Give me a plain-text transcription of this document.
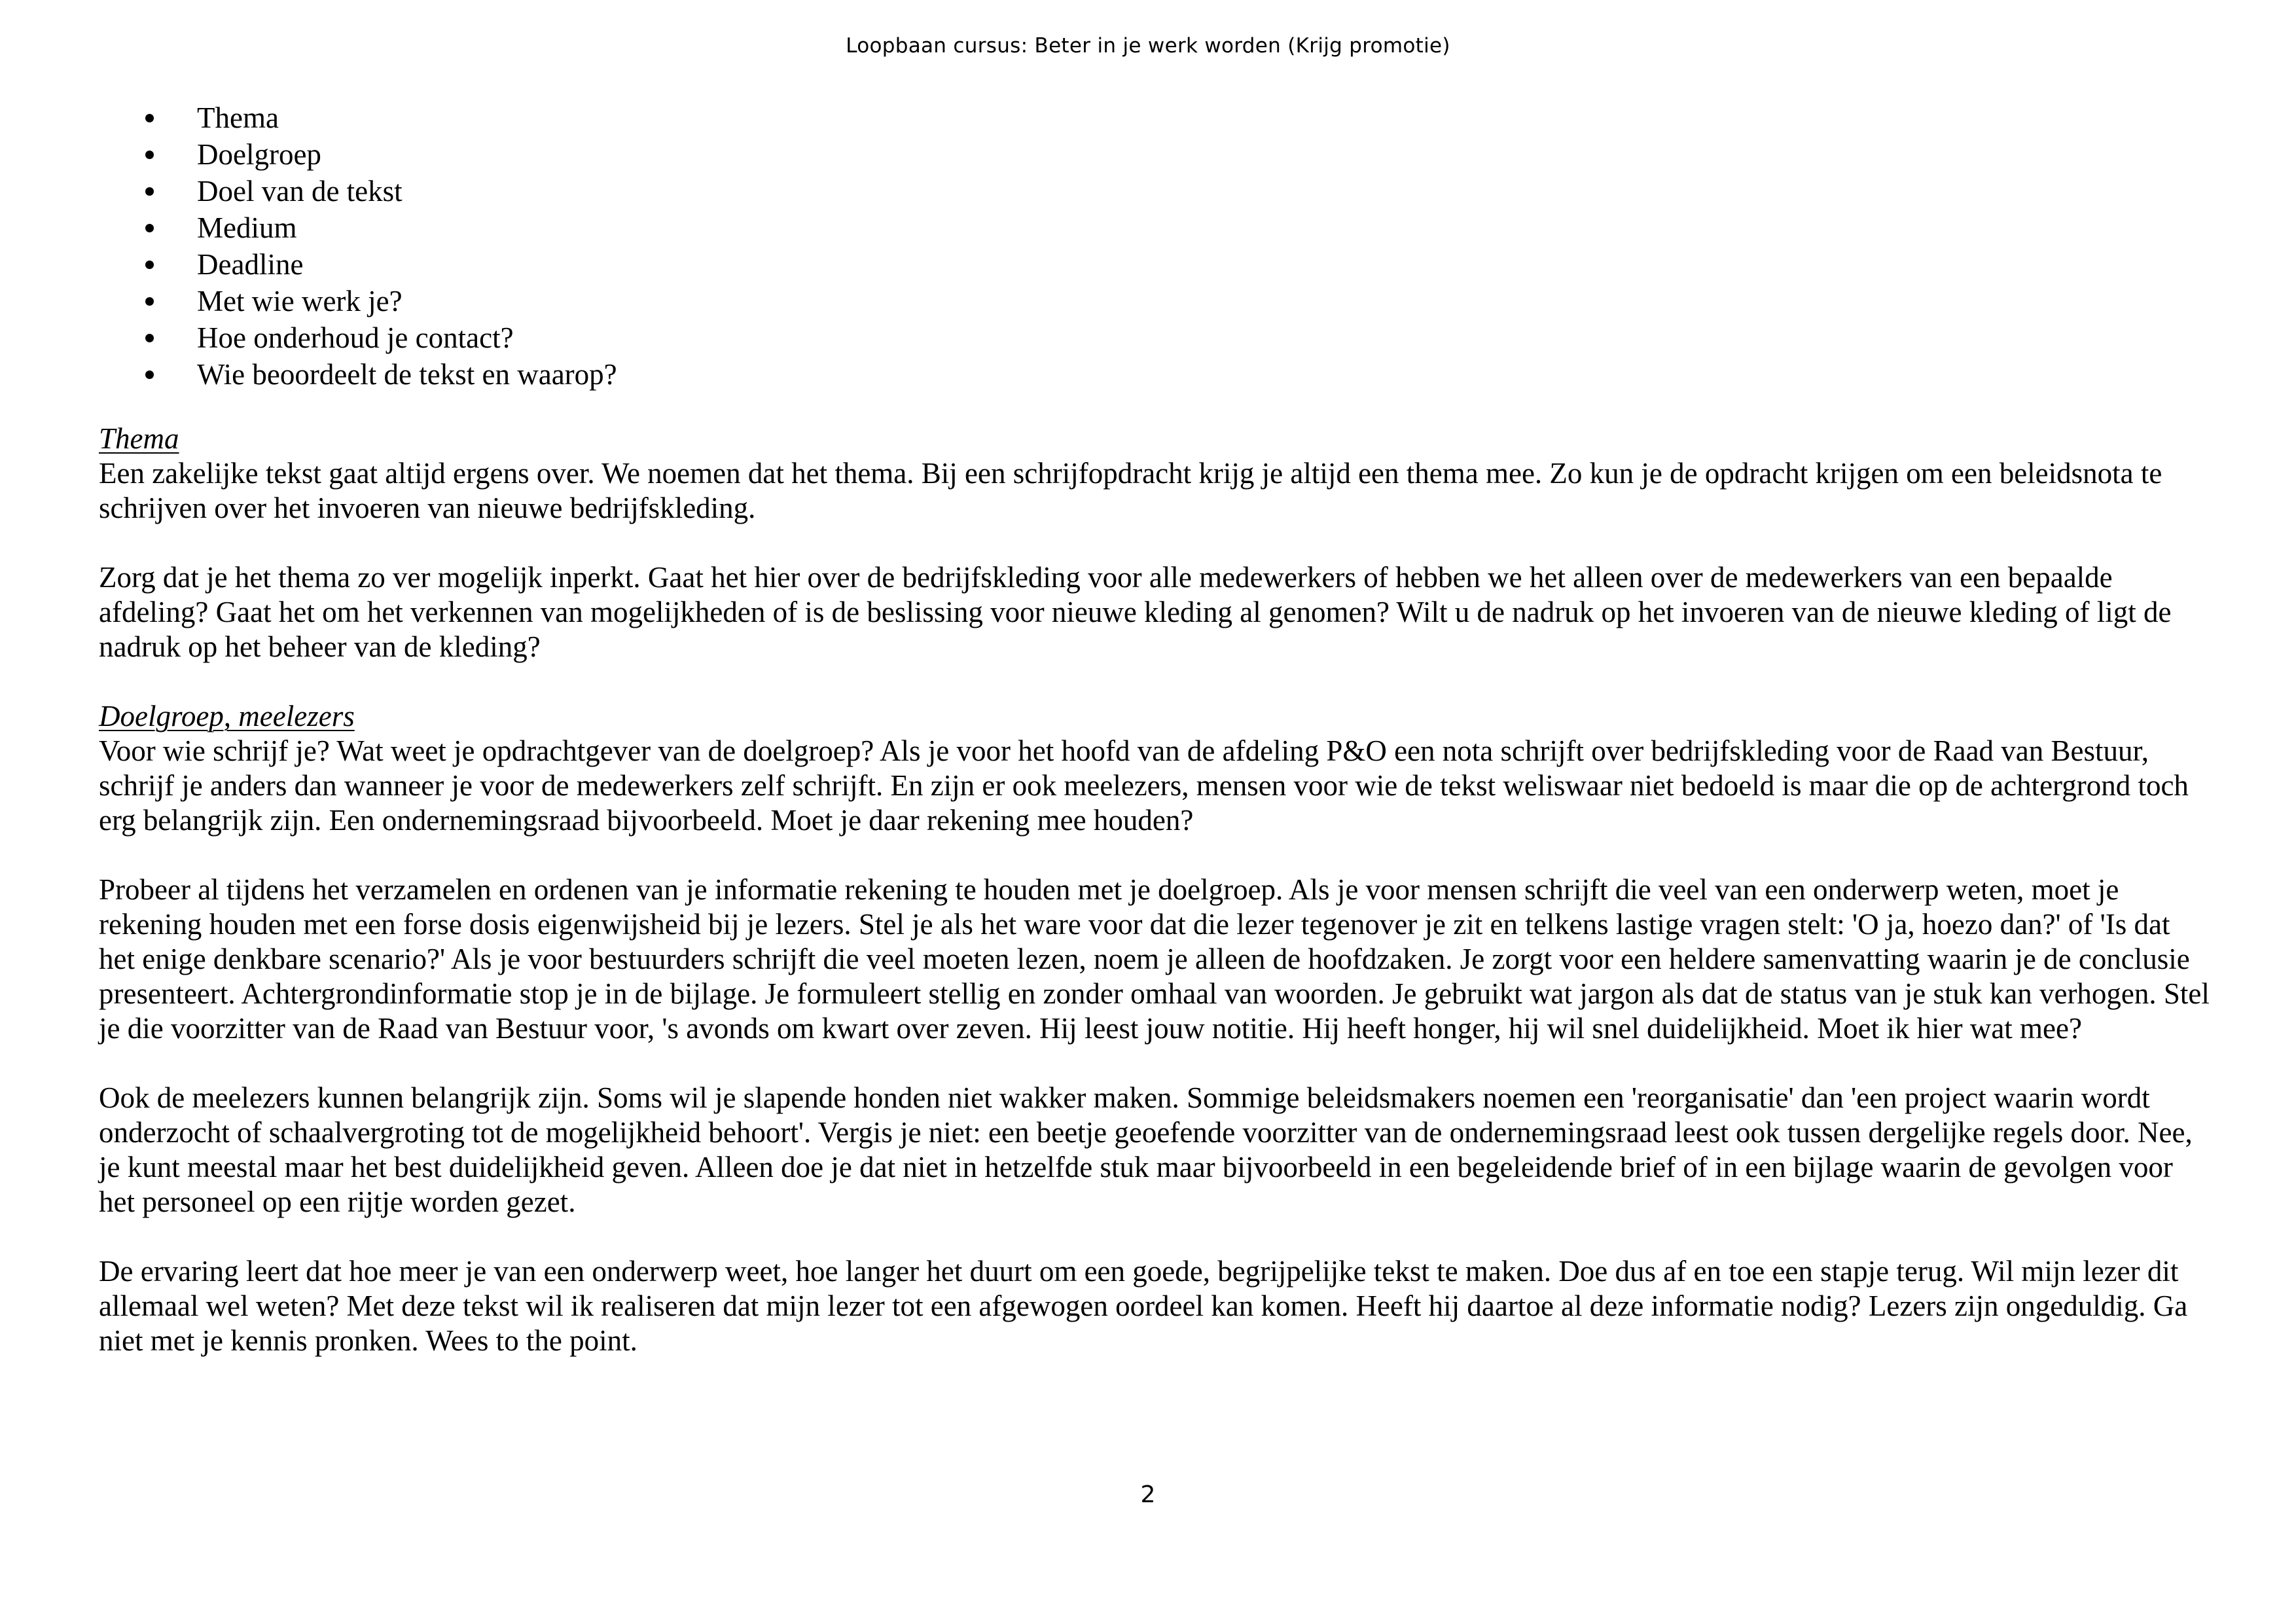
Loopbaan cursus: Beter in je werk worden (Krijg promotie)
Thema
Doelgroep
Doel van de tekst
Medium
Deadline
Met wie werk je?
Hoe onderhoud je contact?
Wie beoordeelt de tekst en waarop?
Thema

Een zakelijke tekst gaat altijd ergens over. We noemen dat het thema. Bij een schrijfopdracht krijg je altijd een thema mee. Zo kun je de opdracht krijgen om een beleidsnota te schrijven over het invoeren van nieuwe bedrijfskleding.

Zorg dat je het thema zo ver mogelijk inperkt. Gaat het hier over de bedrijfskleding voor alle medewerkers of hebben we het alleen over de medewerkers van een bepaalde afdeling? Gaat het om het verkennen van mogelijkheden of is de beslissing voor nieuwe kleding al genomen? Wilt u de nadruk op het invoeren van de nieuwe kleding of ligt de nadruk op het beheer van de kleding?

Doelgroep, meelezers

Voor wie schrijf je? Wat weet je opdrachtgever van de doelgroep? Als je voor het hoofd van de afdeling P&O een nota schrijft over bedrijfskleding voor de Raad van Bestuur, schrijf je anders dan wanneer je voor de medewerkers zelf schrijft. En zijn er ook meelezers, mensen voor wie de tekst weliswaar niet bedoeld is maar die op de achtergrond toch erg belangrijk zijn. Een ondernemingsraad bijvoorbeeld. Moet je daar rekening mee houden?

Probeer al tijdens het verzamelen en ordenen van je informatie rekening te houden met je doelgroep. Als je voor mensen schrijft die veel van een onderwerp weten, moet je rekening houden met een forse dosis eigenwijsheid bij je lezers. Stel je als het ware voor dat die lezer tegenover je zit en telkens lastige vragen stelt: 'O ja, hoezo dan?' of 'Is dat het enige denkbare scenario?' Als je voor bestuurders schrijft die veel moeten lezen, noem je alleen de hoofdzaken. Je zorgt voor een heldere samenvatting waarin je de conclusie presenteert. Achtergrondinformatie stop je in de bijlage. Je formuleert stellig en zonder omhaal van woorden. Je gebruikt wat jargon als dat de status van je stuk kan verhogen. Stel je die voorzitter van de Raad van Bestuur voor, 's avonds om kwart over zeven. Hij leest jouw notitie. Hij heeft honger, hij wil snel duidelijkheid. Moet ik hier wat mee?

Ook de meelezers kunnen belangrijk zijn. Soms wil je slapende honden niet wakker maken. Sommige beleidsmakers noemen een 'reorganisatie' dan 'een project waarin wordt onderzocht of schaalvergroting tot de mogelijkheid behoort'. Vergis je niet: een beetje geoefende voorzitter van de ondernemingsraad leest ook tussen dergelijke regels door. Nee, je kunt meestal maar het best duidelijkheid geven. Alleen doe je dat niet in hetzelfde stuk maar bijvoorbeeld in een begeleidende brief of in een bijlage waarin de gevolgen voor het personeel op een rijtje worden gezet.

De ervaring leert dat hoe meer je van een onderwerp weet, hoe langer het duurt om een goede, begrijpelijke tekst te maken. Doe dus af en toe een stapje terug. Wil mijn lezer dit allemaal wel weten? Met deze tekst wil ik realiseren dat mijn lezer tot een afgewogen oordeel kan komen. Heeft hij daartoe al deze informatie nodig? Lezers zijn ongeduldig. Ga niet met je kennis pronken. Wees to the point.

2
